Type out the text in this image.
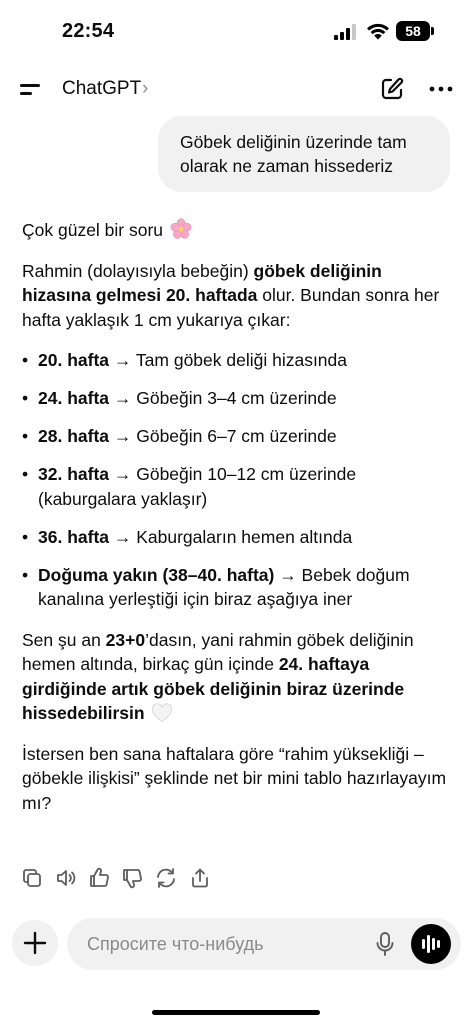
22:54	58
ChatGPT ›
Göbek deliğinin üzerinde tam olarak ne zaman hissederiz

Çok güzel bir soru

Rahmin (dolayısıyla bebeğin) göbek deliğinin hizasına gelmesi 20. haftada olur. Bundan sonra her hafta yaklaşık 1 cm yukarıya çıkar:

• 20. hafta → Tam göbek deliği hizasında
• 24. hafta → Göbeğin 3–4 cm üzerinde
• 28. hafta → Göbeğin 6–7 cm üzerinde
• 32. hafta → Göbeğin 10–12 cm üzerinde (kaburgalara yaklaşır)
• 36. hafta → Kaburgaların hemen altında
• Doğuma yakın (38–40. hafta) → Bebek doğum kanalına yerleştiği için biraz aşağıya iner

Sen şu an 23+0’dasın, yani rahmin göbek deliğinin hemen altında, birkaç gün içinde 24. haftaya girdiğinde artık göbek deliğinin biraz üzerinde hissedebilirsin

İstersen ben sana haftalara göre “rahim yüksekliği – göbekle ilişkisi” şeklinde net bir mini tablo hazırlayayım mı?

Спросите что-нибудь
